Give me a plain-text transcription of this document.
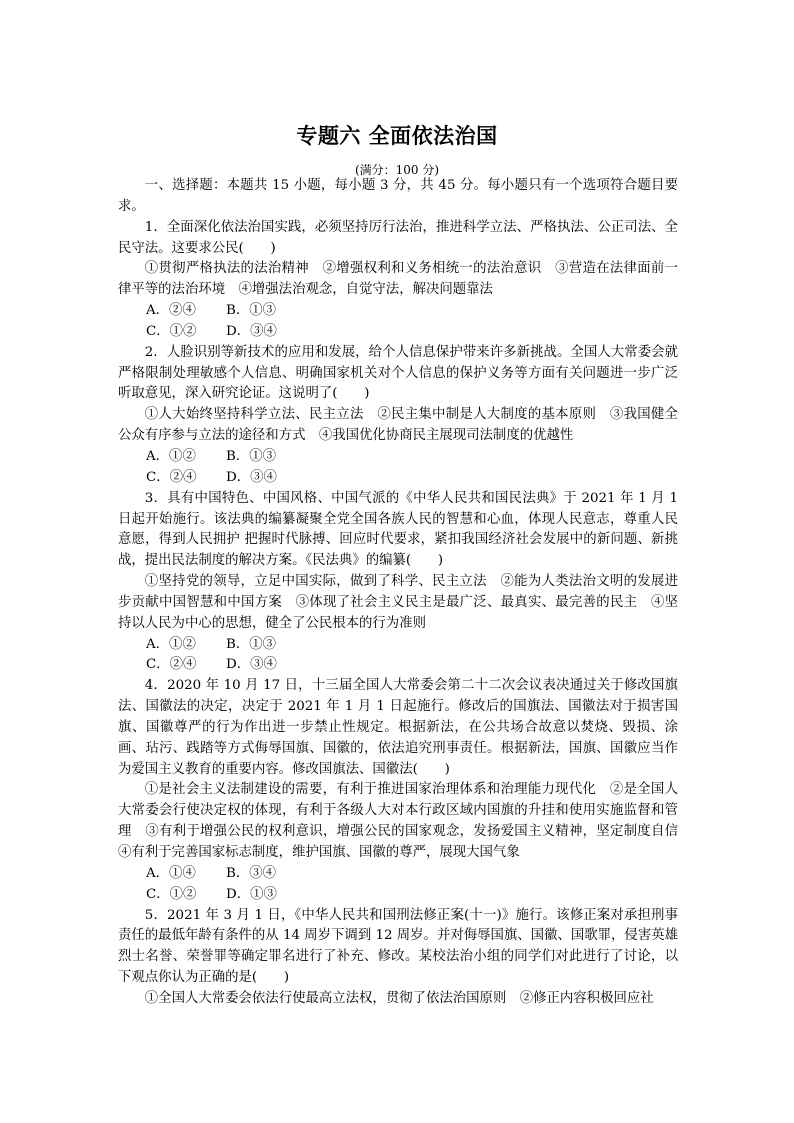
专题六 全面依法治国

(满分：100 分)

一、选择题：本题共 15 小题，每小题 3 分，共 45 分。每小题只有一个选项符合题目要求。

1．全面深化依法治国实践，必须坚持厉行法治，推进科学立法、严格执法、公正司法、全民守法。这要求公民(　　)

①贯彻严格执法的法治精神　②增强权利和义务相统一的法治意识　③营造在法律面前一律平等的法治环境　④增强法治观念，自觉守法，解决问题靠法

A．②④	B．①③
C．①②	D．③④

2．人脸识别等新技术的应用和发展，给个人信息保护带来许多新挑战。全国人大常委会就严格限制处理敏感个人信息、明确国家机关对个人信息的保护义务等方面有关问题进一步广泛听取意见，深入研究论证。这说明了(　　)

①人大始终坚持科学立法、民主立法　②民主集中制是人大制度的基本原则　③我国健全公众有序参与立法的途径和方式　④我国优化协商民主展现司法制度的优越性

A．①②	B．①③
C．②④	D．③④

3．具有中国特色、中国风格、中国气派的《中华人民共和国民法典》于 2021 年 1 月 1 日起开始施行。该法典的编纂凝聚全党全国各族人民的智慧和心血，体现人民意志，尊重人民意愿，得到人民拥护 把握时代脉搏、回应时代要求，紧扣我国经济社会发展中的新问题、新挑战，提出民法制度的解决方案。《民法典》的编纂(　　)

①坚持党的领导，立足中国实际，做到了科学、民主立法　②能为人类法治文明的发展进步贡献中国智慧和中国方案　③体现了社会主义民主是最广泛、最真实、最完善的民主　④坚持以人民为中心的思想，健全了公民根本的行为准则

A．①②	B．①③
C．②④	D．③④

4．2020 年 10 月 17 日，十三届全国人大常委会第二十二次会议表决通过关于修改国旗法、国徽法的决定，决定于 2021 年 1 月 1 日起施行。修改后的国旗法、国徽法对于损害国旗、国徽尊严的行为作出进一步禁止性规定。根据新法，在公共场合故意以焚烧、毁损、涂画、玷污、践踏等方式侮辱国旗、国徽的，依法追究刑事责任。根据新法，国旗、国徽应当作为爱国主义教育的重要内容。修改国旗法、国徽法(　　)

①是社会主义法制建设的需要，有利于推进国家治理体系和治理能力现代化　②是全国人大常委会行使决定权的体现，有利于各级人大对本行政区域内国旗的升挂和使用实施监督和管理　③有利于增强公民的权利意识，增强公民的国家观念，发扬爱国主义精神，坚定制度自信　④有利于完善国家标志制度，维护国旗、国徽的尊严，展现大国气象

A．①④	B．③④
C．①②	D．①③

5．2021 年 3 月 1 日，《中华人民共和国刑法修正案(十一)》施行。该修正案对承担刑事责任的最低年龄有条件的从 14 周岁下调到 12 周岁。并对侮辱国旗、国徽、国歌罪，侵害英雄烈士名誉、荣誉罪等确定罪名进行了补充、修改。某校法治小组的同学们对此进行了讨论，以下观点你认为正确的是(　　)

①全国人大常委会依法行使最高立法权，贯彻了依法治国原则　②修正内容积极回应社
